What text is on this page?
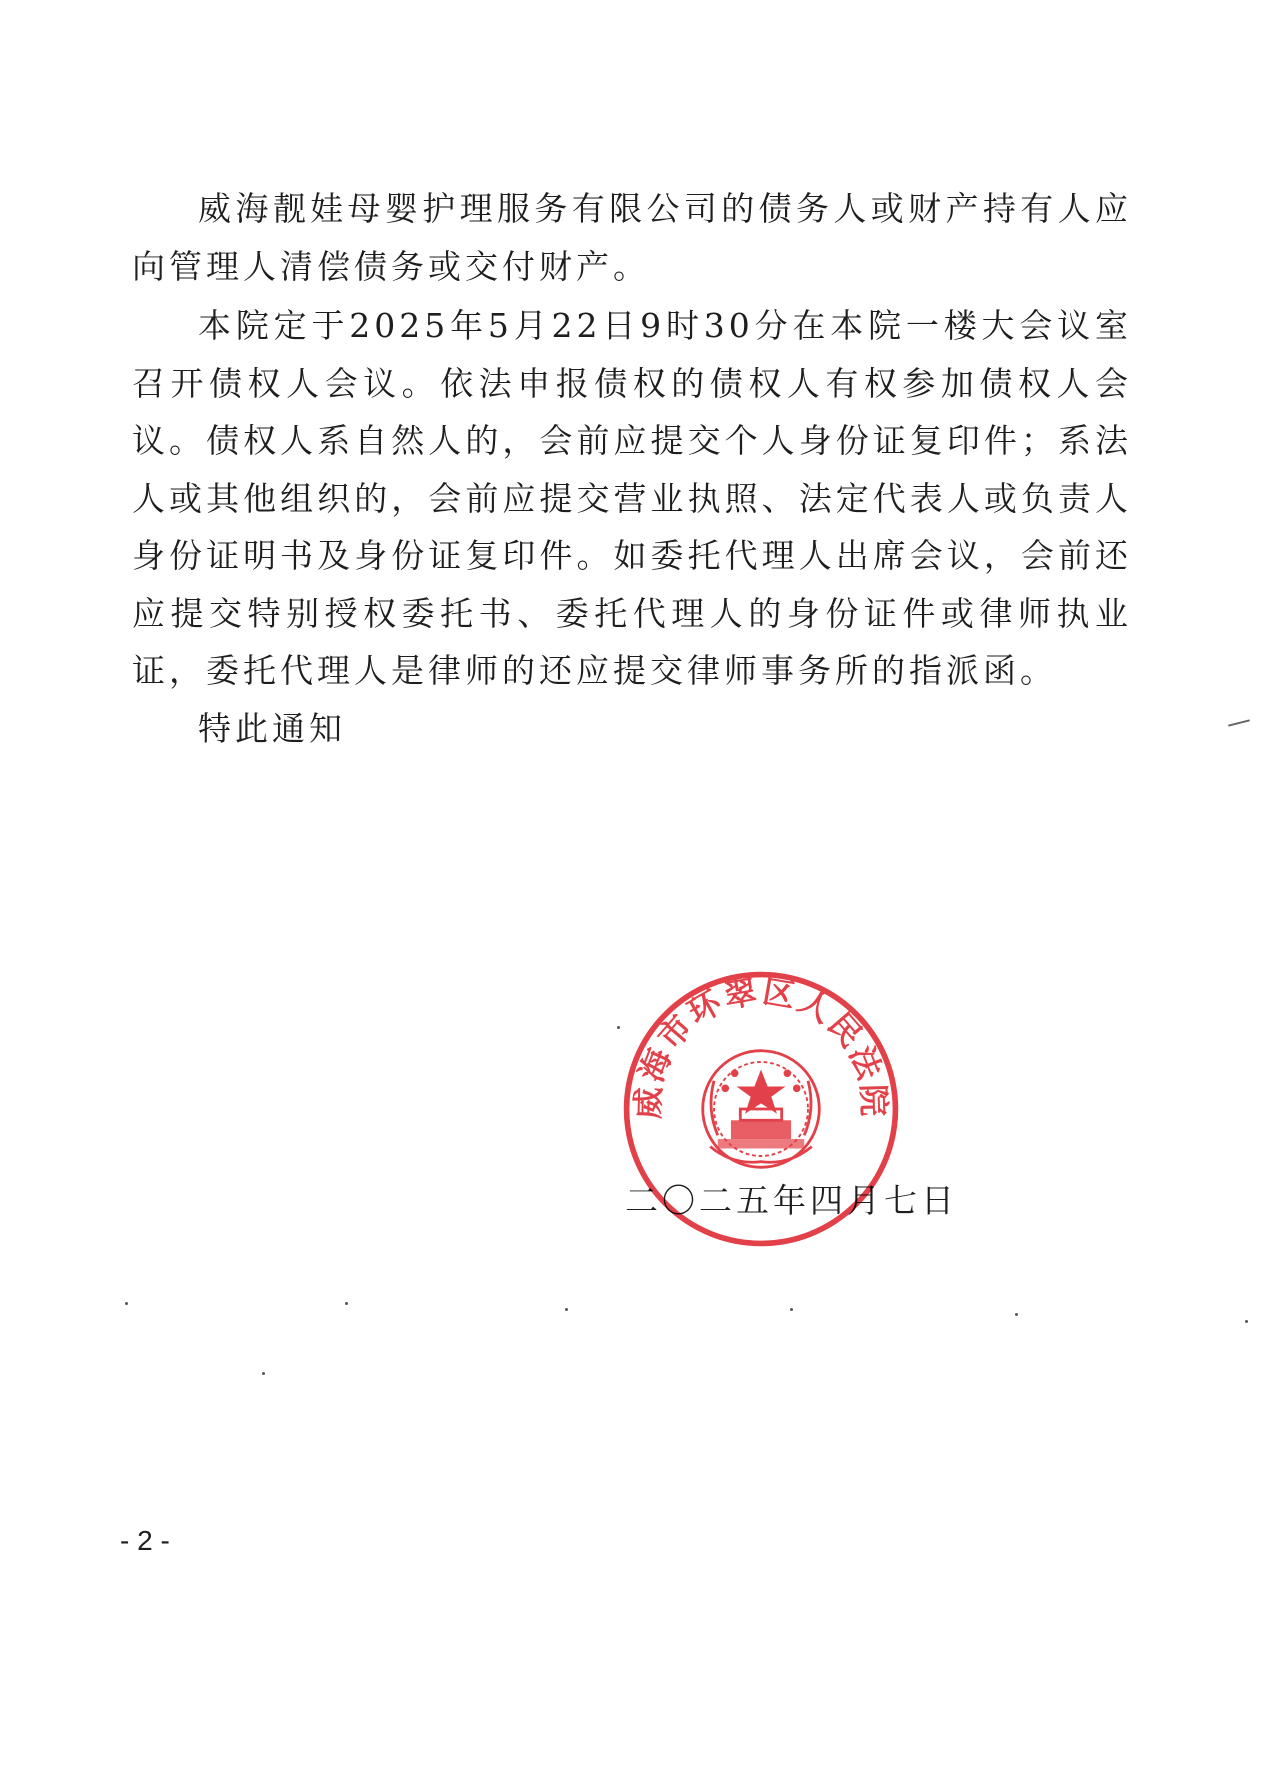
威海靓娃母婴护理服务有限公司的债务人或财产持有人应向管理人清偿债务或交付财产。

本院定于2025年5月22日9时30分在本院一楼大会议室召开债权人会议。依法申报债权的债权人有权参加债权人会议。债权人系自然人的，会前应提交个人身份证复印件；系法人或其他组织的，会前应提交营业执照、法定代表人或负责人身份证明书及身份证复印件。如委托代理人出席会议，会前还应提交特别授权委托书、委托代理人的身份证件或律师执业证，委托代理人是律师的还应提交律师事务所的指派函。

特此通知

二〇二五年四月七日
威海市环翠区人民法院
- 2 -
